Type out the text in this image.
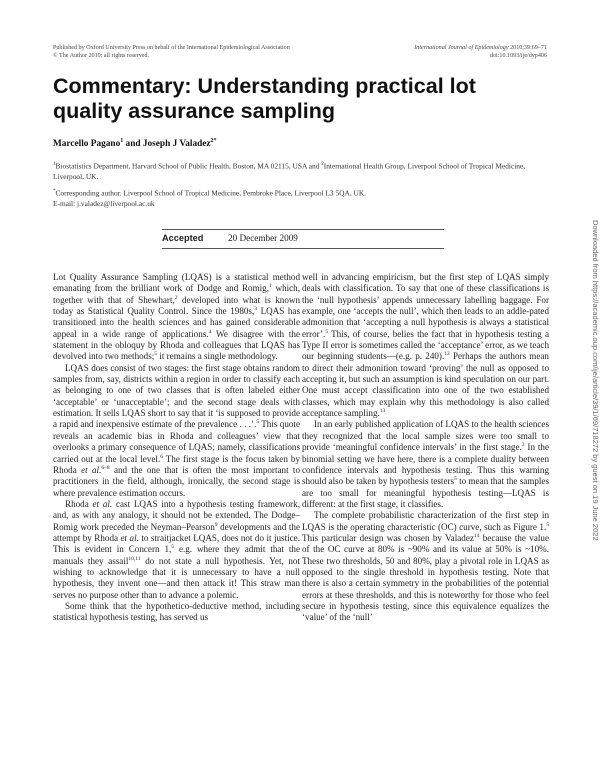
Published by Oxford University Press on behalf of the International Epidemiological Association
© The Author 2010; all rights reserved.
International Journal of Epidemiology 2010;39:69–71
doi:10.1093/ije/dyp406
Commentary: Understanding practical lot quality assurance sampling
Marcello Pagano$^1$ and Joseph J Valadez$^{2*}$

$^1$Biostatistics Department, Harvard School of Public Health, Boston, MA 02115, USA and $^2$International Health Group, Liverpool School of Tropical Medicine, Liverpool, UK.

*Corresponding author. Liverpool School of Tropical Medicine, Pembroke Place, Liverpool L3 5QA, UK.
E-mail: j.valadez@liverpool.ac.uk

Accepted	20 December 2009

Lot Quality Assurance Sampling (LQAS) is a statistical method emanating from the brilliant work of Dodge and Romig,$^1$ which, together with that of Shewhart,$^2$ developed into what is known today as Statistical Quality Control. Since the 1980s,$^3$ LQAS has transitioned into the health sciences and has gained considerable appeal in a wide range of applications.$^4$ We disagree with the statement in the obloquy by Rhoda and colleagues that LQAS has devolved into two methods;$^5$ it remains a single methodology.

LQAS does consist of two stages: the first stage obtains random samples from, say, districts within a region in order to classify each as belonging to one of two classes that is often labeled either ‘acceptable’ or ‘unacceptable’; and the second stage deals with estimation. It sells LQAS short to say that it ‘is supposed to provide a rapid and inexpensive estimate of the prevalence . . .’.$^5$ This quote reveals an academic bias in Rhoda and colleagues’ view that overlooks a primary consequence of LQAS; namely, classifications carried out at the local level.$^6$ The first stage is the focus taken by Rhoda et al.$^{6-8}$ and the one that is often the most important to practitioners in the field, although, ironically, the second stage is where prevalence estimation occurs.

Rhoda et al. cast LQAS into a hypothesis testing framework, and, as with any analogy, it should not be extended. The Dodge–Romig work preceded the Neyman–Pearson$^9$ developments and the attempt by Rhoda et al. to straitjacket LQAS, does not do it justice. This is evident in Concern 1,$^5$ e.g. where they admit that the manuals they assail$^{10,11}$ do not state a null hypothesis. Yet, not wishing to acknowledge that it is unnecessary to have a null hypothesis, they invent one—and then attack it! This straw man serves no purpose other than to advance a polemic.

Some think that the hypothetico-deductive method, including statistical hypothesis testing, has served us

well in advancing empiricism, but the first step of LQAS simply deals with classification. To say that one of these classifications is the ‘null hypothesis’ appends unnecessary labelling baggage. For example, one ‘accepts the null’, which then leads to an addle-pated admonition that ‘accepting a null hypothesis is always a statistical error’.$^5$ This, of course, belies the fact that in hypothesis testing a Type II error is sometimes called the ‘acceptance’ error, as we teach our beginning students—(e.g. p. 240).$^{12}$ Perhaps the authors mean to direct their admonition toward ‘proving’ the null as opposed to accepting it, but such an assumption is kind speculation on our part. One must accept classification into one of the two established classes, which may explain why this methodology is also called acceptance sampling.$^{13}$

In an early published application of LQAS to the health sciences they recognized that the local sample sizes were too small to provide ‘meaningful confidence intervals’ in the first stage.$^3$ In the binomial setting we have here, there is a complete duality between confidence intervals and hypothesis testing. Thus this warning should also be taken by hypothesis testers$^5$ to mean that the samples are too small for meaningful hypothesis testing—LQAS is different: at the first stage, it classifies.

The complete probabilistic characterization of the first step in LQAS is the operating characteristic (OC) curve, such as Figure 1.$^5$ This particular design was chosen by Valadez$^{14}$ because the value of the OC curve at 80% is ~90% and its value at 50% is ~10%. These two thresholds, 50 and 80%, play a pivotal role in LQAS as opposed to the single threshold in hypothesis testing. Note that there is also a certain symmetry in the probabilities of the potential errors at these thresholds, and this is noteworthy for those who feel secure in hypothesis testing, since this equivalence equalizes the ‘value’ of the ‘null’

Downloaded from https://academic.oup.com/ije/article/39/1/69/718272 by guest on 19 June 2022
